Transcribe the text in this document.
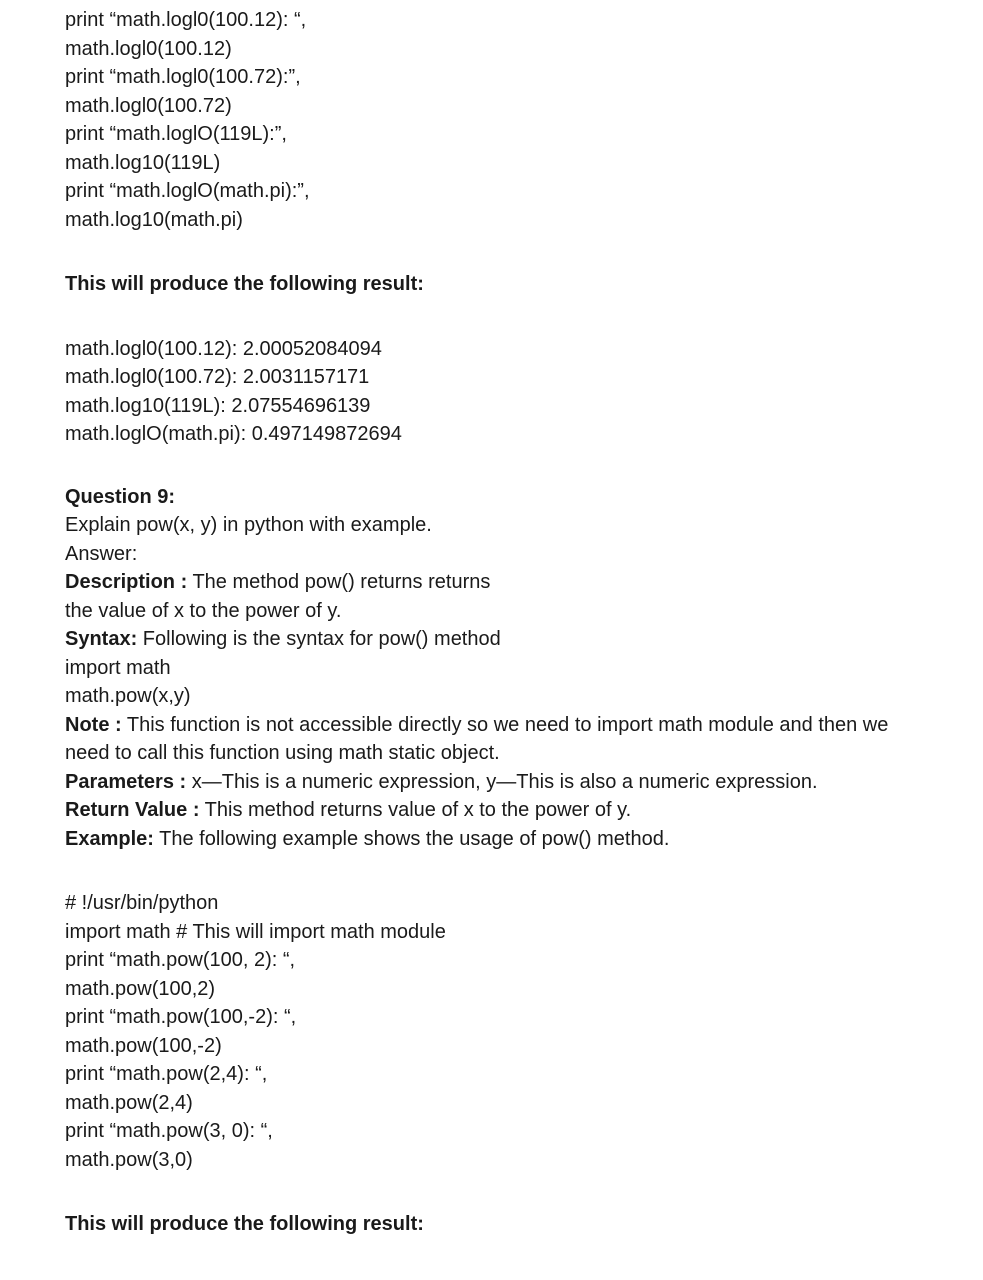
print “math.logl0(100.12): “,
math.logl0(100.12)
print “math.logl0(100.72):”,
math.logl0(100.72)
print “math.loglO(119L):”,
math.log10(119L)
print “math.loglO(math.pi):”,
math.log10(math.pi)
This will produce the following result:
math.logl0(100.12): 2.00052084094
math.logl0(100.72): 2.0031157171
math.log10(119L): 2.07554696139
math.loglO(math.pi): 0.497149872694
Question 9:
Explain pow(x, y) in python with example.
Answer:
Description : The method pow() returns returns
the value of x to the power of y.
Syntax: Following is the syntax for pow() method
import math
math.pow(x,y)
Note : This function is not accessible directly so we need to import math module and then we
need to call this function using math static object.
Parameters : x—This is a numeric expression, y—This is also a numeric expression.
Return Value : This method returns value of x to the power of y.
Example: The following example shows the usage of pow() method.
# !/usr/bin/python
import math # This will import math module
print “math.pow(100, 2): “,
math.pow(100,2)
print “math.pow(100,-2): “,
math.pow(100,-2)
print “math.pow(2,4): “,
math.pow(2,4)
print “math.pow(3, 0): “,
math.pow(3,0)
This will produce the following result:
